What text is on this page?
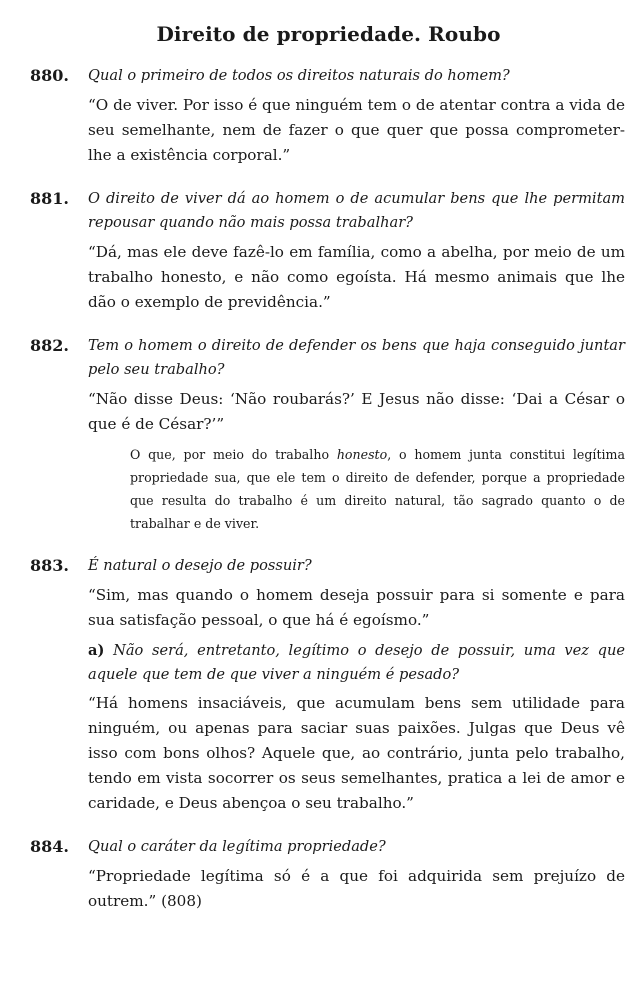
Direito de propriedade. Roubo
880.	Qual o primeiro de todos os direitos naturais do homem?

“O de viver. Por isso é que ninguém tem o de atentar contra a vida de seu semelhante, nem de fazer o que quer que possa comprometer-lhe a existência corporal.”

881.	O direito de viver dá ao homem o de acumular bens que lhe permitam repousar quando não mais possa trabalhar?

“Dá, mas ele deve fazê-lo em família, como a abelha, por meio de um trabalho honesto, e não como egoísta. Há mesmo animais que lhe dão o exemplo de previdência.”

882.	Tem o homem o direito de defender os bens que haja conseguido juntar pelo seu trabalho?

“Não disse Deus: ‘Não roubarás?’ E Jesus não disse: ‘Dai a César o que é de César?’”

O que, por meio do trabalho honesto, o homem junta constitui legítima propriedade sua, que ele tem o direito de defender, porque a propriedade que resulta do trabalho é um direito natural, tão sagrado quanto o de trabalhar e de viver.

883.	É natural o desejo de possuir?

“Sim, mas quando o homem deseja possuir para si somente e para sua satisfação pessoal, o que há é egoísmo.”

a) Não será, entretanto, legítimo o desejo de possuir, uma vez que aquele que tem de que viver a ninguém é pesado?

“Há homens insaciáveis, que acumulam bens sem utilidade para ninguém, ou apenas para saciar suas paixões. Julgas que Deus vê isso com bons olhos? Aquele que, ao contrário, junta pelo trabalho, tendo em vista socorrer os seus semelhantes, pratica a lei de amor e caridade, e Deus abençoa o seu trabalho.”

884.	Qual o caráter da legítima propriedade?

“Propriedade legítima só é a que foi adquirida sem prejuízo de outrem.” (808)
